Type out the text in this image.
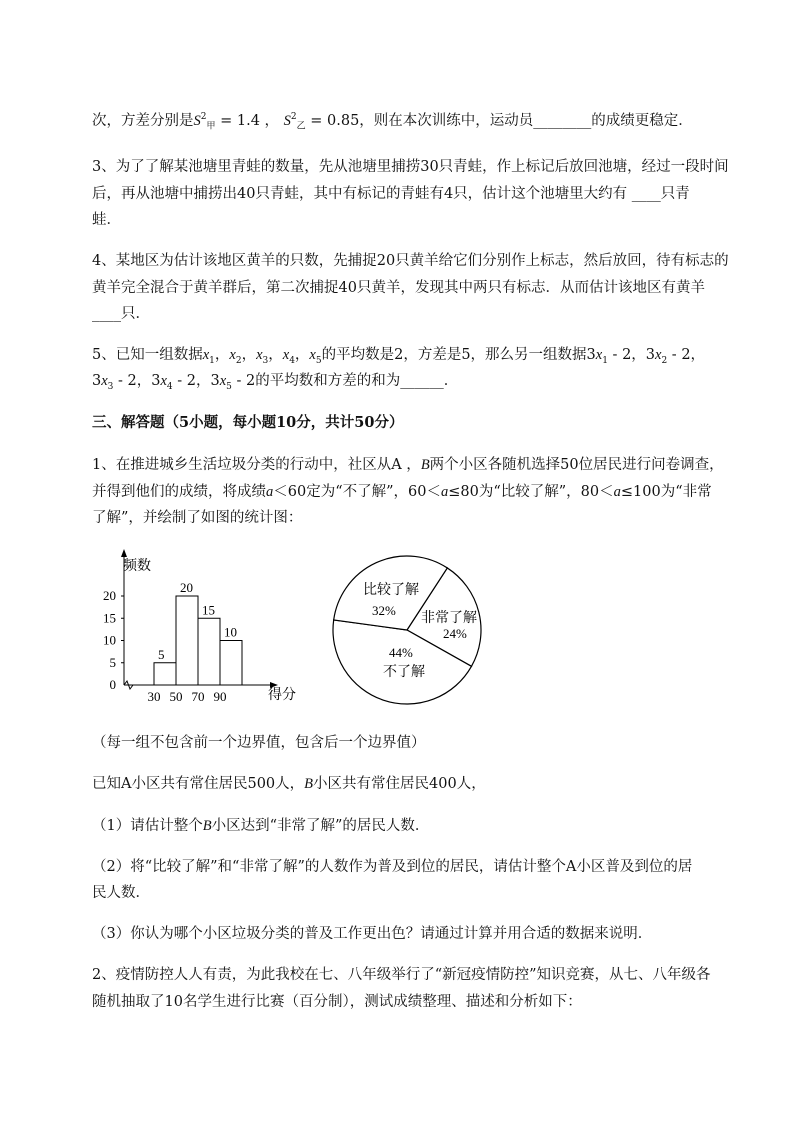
次，方差分别是$S^2_甲 = 1.4$ ， $S^2_乙 = 0.85$，则在本次训练中，运动员________的成绩更稳定．
3、为了了解某池塘里青蛙的数量，先从池塘里捕捞30只青蛙，作上标记后放回池塘，经过一段时间
后，再从池塘中捕捞出40只青蛙，其中有标记的青蛙有4只，估计这个池塘里大约有 ____只青
蛙．
4、某地区为估计该地区黄羊的只数，先捕捉20只黄羊给它们分别作上标志，然后放回，待有标志的
黄羊完全混合于黄羊群后，第二次捕捉40只黄羊，发现其中两只有标志．从而估计该地区有黄羊
____只．
5、已知一组数据$x_1$，$x_2$，$x_3$，$x_4$，$x_5$的平均数是2，方差是5，那么另一组数据$3x_1 - 2$，$3x_2 - 2$，
$3x_3 - 2$，$3x_4 - 2$，$3x_5 - 2$的平均数和方差的和为______．
三、解答题（5小题，每小题10分，共计50分）
1、在推进城乡生活垃圾分类的行动中，社区从A ，B两个小区各随机选择50位居民进行问卷调查，
并得到他们的成绩，将成绩a＜60定为“不了解”，60＜a≤80为“比较了解”，80＜a≤100为“非常
了解”，并绘制了如图的统计图：
频数
得分
0
5
10
15
20
5
20
15
10
30 50 70 90
比较了解
32%
非常了解
24%
44%
不了解
（每一组不包含前一个边界值，包含后一个边界值）
已知A小区共有常住居民500人，B小区共有常住居民400人，
（1）请估计整个B小区达到“非常了解”的居民人数．
（2）将“比较了解”和“非常了解”的人数作为普及到位的居民，请估计整个A小区普及到位的居
民人数．
（3）你认为哪个小区垃圾分类的普及工作更出色？请通过计算并用合适的数据来说明．
2、疫情防控人人有责，为此我校在七、八年级举行了“新冠疫情防控”知识竞赛，从七、八年级各
随机抽取了10名学生进行比赛（百分制），测试成绩整理、描述和分析如下：
